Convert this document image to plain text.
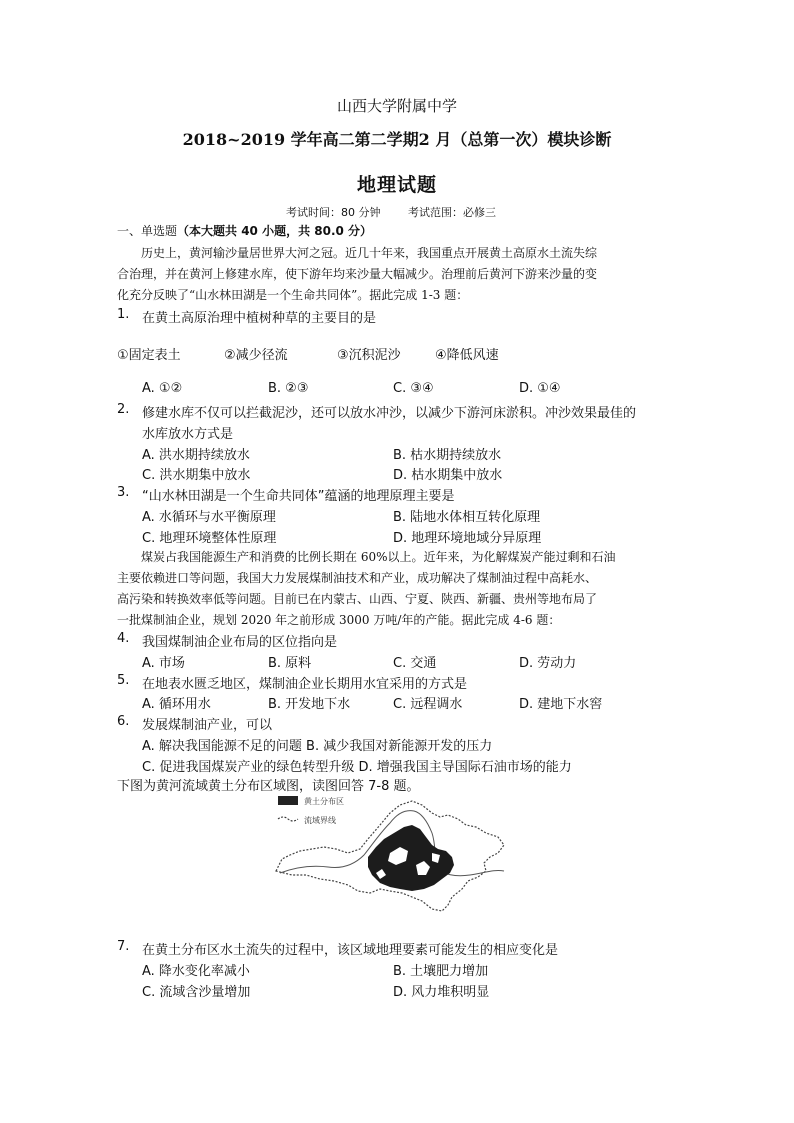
山西大学附属中学
2018~2019 学年高二第二学期2 月（总第一次）模块诊断
地理试题
考试时间：80 分钟	考试范围：必修三
一、单选题（本大题共 40 小题，共 80.0 分）
历史上，黄河输沙量居世界大河之冠。近几十年来，我国重点开展黄土高原水土流失综
合治理，并在黄河上修建水库，使下游年均来沙量大幅减少。治理前后黄河下游来沙量的变
化充分反映了“山水林田湖是一个生命共同体”。据此完成 1-3 题：
1. 在黄土高原治理中植树种草的主要目的是
①固定表土	②减少径流	③沉积泥沙	④降低风速
A. ①②	B. ②③	C. ③④	D. ①④
2. 修建水库不仅可以拦截泥沙，还可以放水冲沙，以减少下游河床淤积。冲沙效果最佳的
水库放水方式是
A. 洪水期持续放水	B. 枯水期持续放水
C. 洪水期集中放水	D. 枯水期集中放水
3. “山水林田湖是一个生命共同体”蕴涵的地理原理主要是
A. 水循环与水平衡原理	B. 陆地水体相互转化原理
C. 地理环境整体性原理	D. 地理环境地域分异原理
煤炭占我国能源生产和消费的比例长期在 60%以上。近年来，为化解煤炭产能过剩和石油
主要依赖进口等问题，我国大力发展煤制油技术和产业，成功解决了煤制油过程中高耗水、
高污染和转换效率低等问题。目前已在内蒙古、山西、宁夏、陕西、新疆、贵州等地布局了
一批煤制油企业，规划 2020 年之前形成 3000 万吨/年的产能。据此完成 4-6 题：
4. 我国煤制油企业布局的区位指向是
A. 市场	B. 原料	C. 交通	D. 劳动力
5. 在地表水匮乏地区，煤制油企业长期用水宜采用的方式是
A. 循环用水	B. 开发地下水	C. 远程调水	D. 建地下水窖
6. 发展煤制油产业，可以
A. 解决我国能源不足的问题 B. 减少我国对新能源开发的压力
C. 促进我国煤炭产业的绿色转型升级 D. 增强我国主导国际石油市场的能力
下图为黄河流域黄土分布区域图，读图回答 7-8 题。
黄土分布区
流域界线
7. 在黄土分布区水土流失的过程中，该区域地理要素可能发生的相应变化是
A. 降水变化率减小	B. 土壤肥力增加
C. 流域含沙量增加	D. 风力堆积明显
